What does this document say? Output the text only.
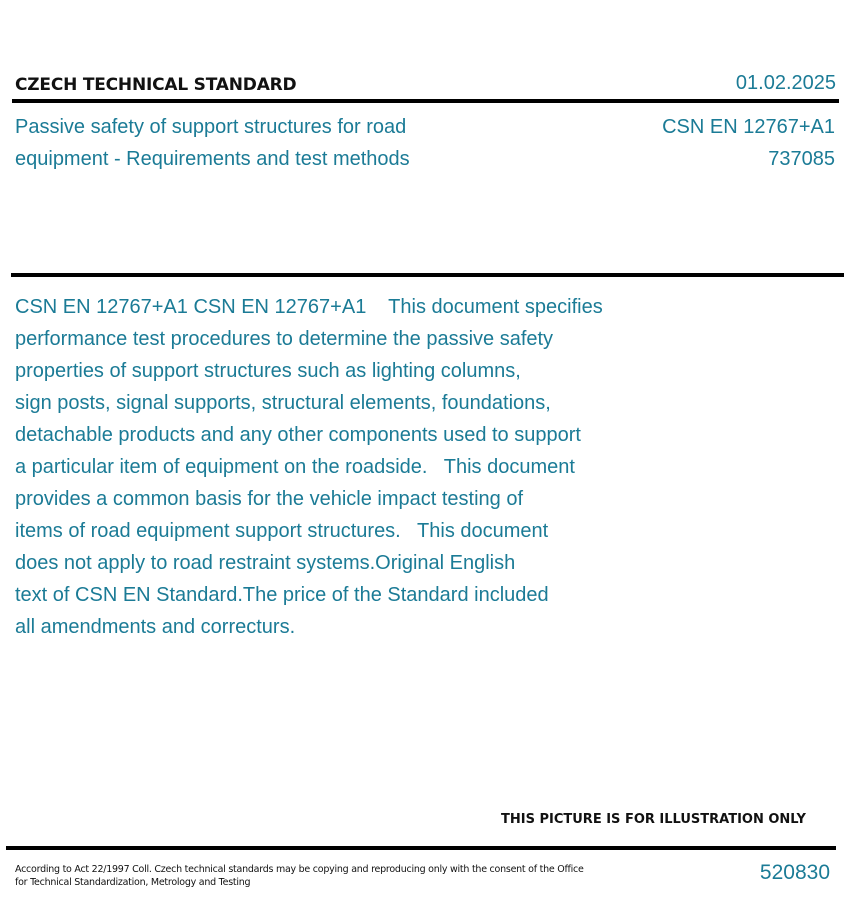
CZECH TECHNICAL STANDARD	01.02.2025
Passive safety of support structures for road
equipment - Requirements and test methods
CSN EN 12767+A1
737085
CSN EN 12767+A1 CSN EN 12767+A1    This document specifies
performance test procedures to determine the passive safety
properties of support structures such as lighting columns,
sign posts, signal supports, structural elements, foundations,
detachable products and any other components used to support
a particular item of equipment on the roadside.   This document
provides a common basis for the vehicle impact testing of
items of road equipment support structures.   This document
does not apply to road restraint systems.Original English
text of CSN EN Standard.The price of the Standard included
all amendments and correcturs.
THIS PICTURE IS FOR ILLUSTRATION ONLY
According to Act 22/1997 Coll. Czech technical standards may be copying and reproducing only with the consent of the Office
for Technical Standardization, Metrology and Testing	520830
